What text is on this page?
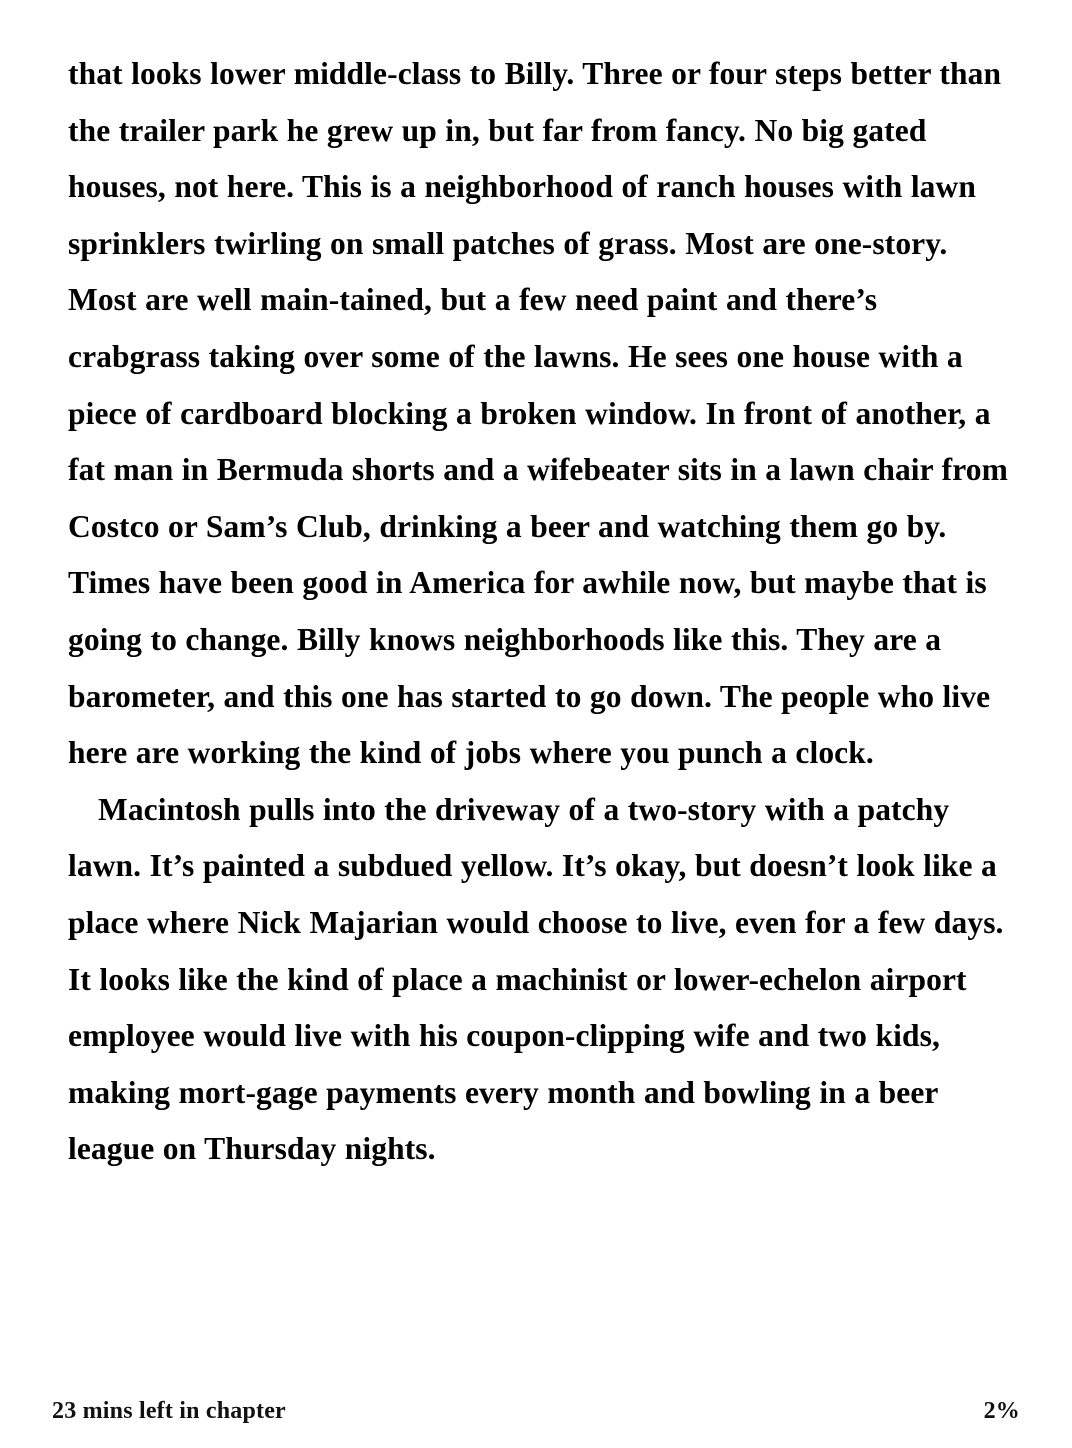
that looks lower middle-class to Billy. Three or four steps better than the trailer park he grew up in, but far from fancy. No big gated houses, not here. This is a neighborhood of ranch houses with lawn sprinklers twirling on small patches of grass. Most are one-story. Most are well main-tained, but a few need paint and there’s crabgrass taking over some of the lawns. He sees one house with a piece of cardboard blocking a broken window. In front of another, a fat man in Bermuda shorts and a wifebeater sits in a lawn chair from Costco or Sam’s Club, drinking a beer and watching them go by. Times have been good in America for awhile now, but maybe that is going to change. Billy knows neighborhoods like this. They are a barometer, and this one has started to go down. The people who live here are working the kind of jobs where you punch a clock.

Macintosh pulls into the driveway of a two-story with a patchy lawn. It’s painted a subdued yellow. It’s okay, but doesn’t look like a place where Nick Majarian would choose to live, even for a few days. It looks like the kind of place a machinist or lower-echelon airport employee would live with his coupon-clipping wife and two kids, making mort-gage payments every month and bowling in a beer league on Thursday nights.

23 mins left in chapter	2%
